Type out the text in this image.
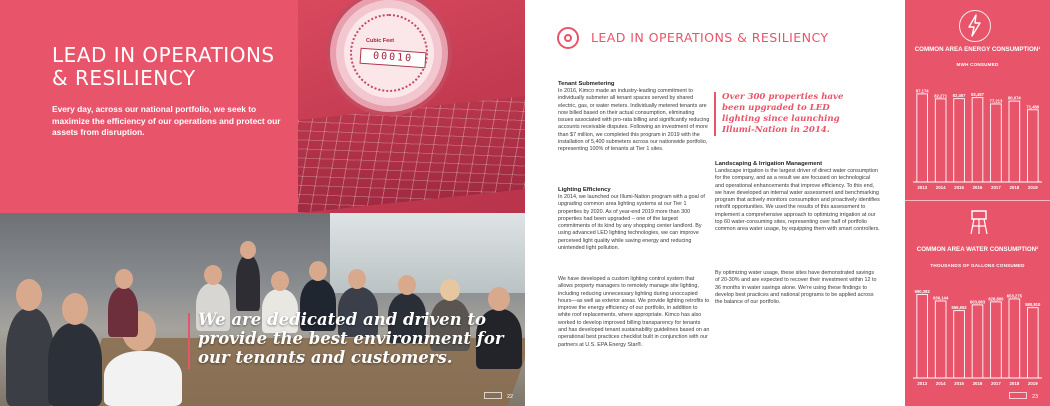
LEAD IN OPERATIONS
& RESILIENCY
Every day, across our national portfolio, we seek to maximize the efficiency of our operations and protect our assets from disruption.
Cubic Feet
00010
We are dedicated and driven to provide the best environment for our tenants and customers.
22
LEAD IN OPERATIONS & RESILIENCY
Tenant Submetering
In 2016, Kimco made an industry-leading commitment to individually submeter all tenant spaces served by shared electric, gas, or water meters. Individually metered tenants are now billed based on their actual consumption, eliminating issues associated with pro-rata billing and significantly reducing accounts receivable disputes. Following an investment of more than $7 million, we completed this program in 2019 with the installation of 5,400 submeters across our nationwide portfolio, representing 100% of tenants at Tier 1 sites.
Lighting Efficiency
In 2014, we launched our Illumi-Nation program with a goal of upgrading common area lighting systems at our Tier 1 properties by 2020. As of year-end 2019 more than 300 properties had been upgraded – one of the largest commitments of its kind by any shopping center landlord. By using advanced LED lighting technologies, we can improve perceived light quality while saving energy and reducing unintended light pollution.
We have developed a custom lighting control system that allows property managers to remotely manage site lighting, including reducing unnecessary lighting during unoccupied hours—as well as exterior areas. We provide lighting retrofits to improve the energy efficiency of our portfolio, in addition to white roof replacements, where appropriate. Kimco has also worked to develop improved billing transparency for tenants and has developed tenant sustainability guidelines based on an operational best practices checklist built in conjunction with our partners at U.S. EPA Energy Star®.
Over 300 properties have been upgraded to LED lighting since launching Illumi-Nation in 2014.
Landscaping & Irrigation Management
Landscape irrigation is the largest driver of direct water consumption for the company, and as a result we are focused on technological and operational enhancements that improve efficiency. To this end, we have developed an internal water assessment and benchmarking program that actively monitors consumption and proactively identifies retrofit opportunities. We used the results of this assessment to implement a comprehensive approach to optimizing irrigation at our top 60 water-consuming sites, representing over half of portfolio common area water usage, by equipping them with smart controllers.
By optimizing water usage, these sites have demonstrated savings of 20-30% and are expected to recover their investment within 12 to 36 months in water savings alone. We're using these findings to develop best practices and national programs to be applied across the balance of our portfolio.
COMMON AREA ENERGY CONSUMPTION¹
MWH CONSUMED
87,174
2013
82,271
2014
82,467
2015
83,487
2016
77,213
2017
80,074
2018
71,480
2019
COMMON AREA WATER CONSUMPTION²
THOUSANDS OF GALLONS CONSUMED
690,382
2013
636,144
2014
556,552
2015
603,983
2016
628,800
2017
653,275
2018
580,910
2019
23
